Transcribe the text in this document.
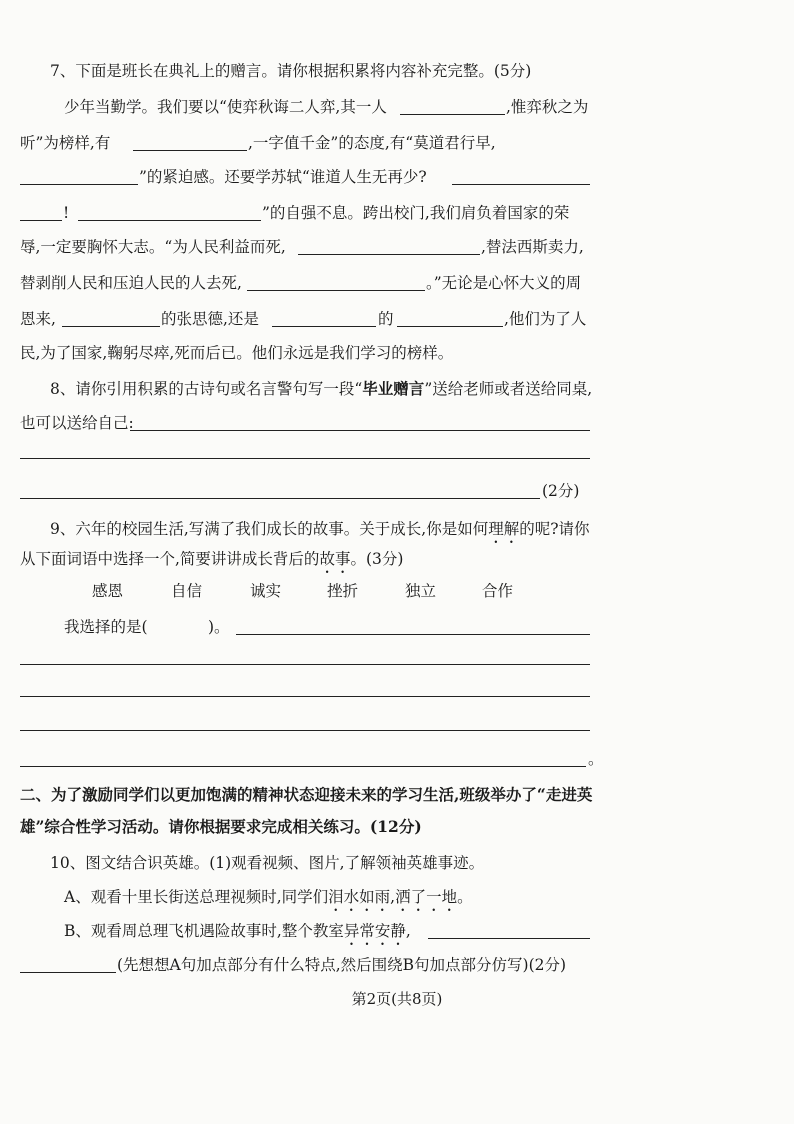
7、下面是班长在典礼上的赠言。请你根据积累将内容补充完整。(5分)
少年当勤学。我们要以“使弈秋诲二人弈,其一人	,惟弈秋之为
听”为榜样,有	,一字值千金”的态度,有“莫道君行早,
”的紧迫感。还要学苏轼“谁道人生无再少?
!	”的自强不息。跨出校门,我们肩负着国家的荣
辱,一定要胸怀大志。“为人民利益而死,	,替法西斯卖力,
替剥削人民和压迫人民的人去死,	。”无论是心怀大义的周
恩来,	的张思德,还是	的	,他们为了人
民,为了国家,鞠躬尽瘁,死而后已。他们永远是我们学习的榜样。
8、请你引用积累的古诗句或名言警句写一段“毕业赠言”送给老师或者送给同桌,
也可以送给自己:
(2分)
9、六年的校园生活,写满了我们成长的故事。关于成长,你是如何理解的呢?请你
从下面词语中选择一个,简要讲讲成长背后的故事。(3分)
感恩	自信	诚实	挫折	独立	合作
我选择的是(	)。
。
二、为了激励同学们以更加饱满的精神状态迎接未来的学习生活,班级举办了“走进英
雄”综合性学习活动。请你根据要求完成相关练习。(12分)
10、图文结合识英雄。(1)观看视频、图片,了解领袖英雄事迹。
A、观看十里长街送总理视频时,同学们泪水如雨,洒了一地。
B、观看周总理飞机遇险故事时,整个教室异常安静,
(先想想A句加点部分有什么特点,然后围绕B句加点部分仿写)(2分)
第2页(共8页)
